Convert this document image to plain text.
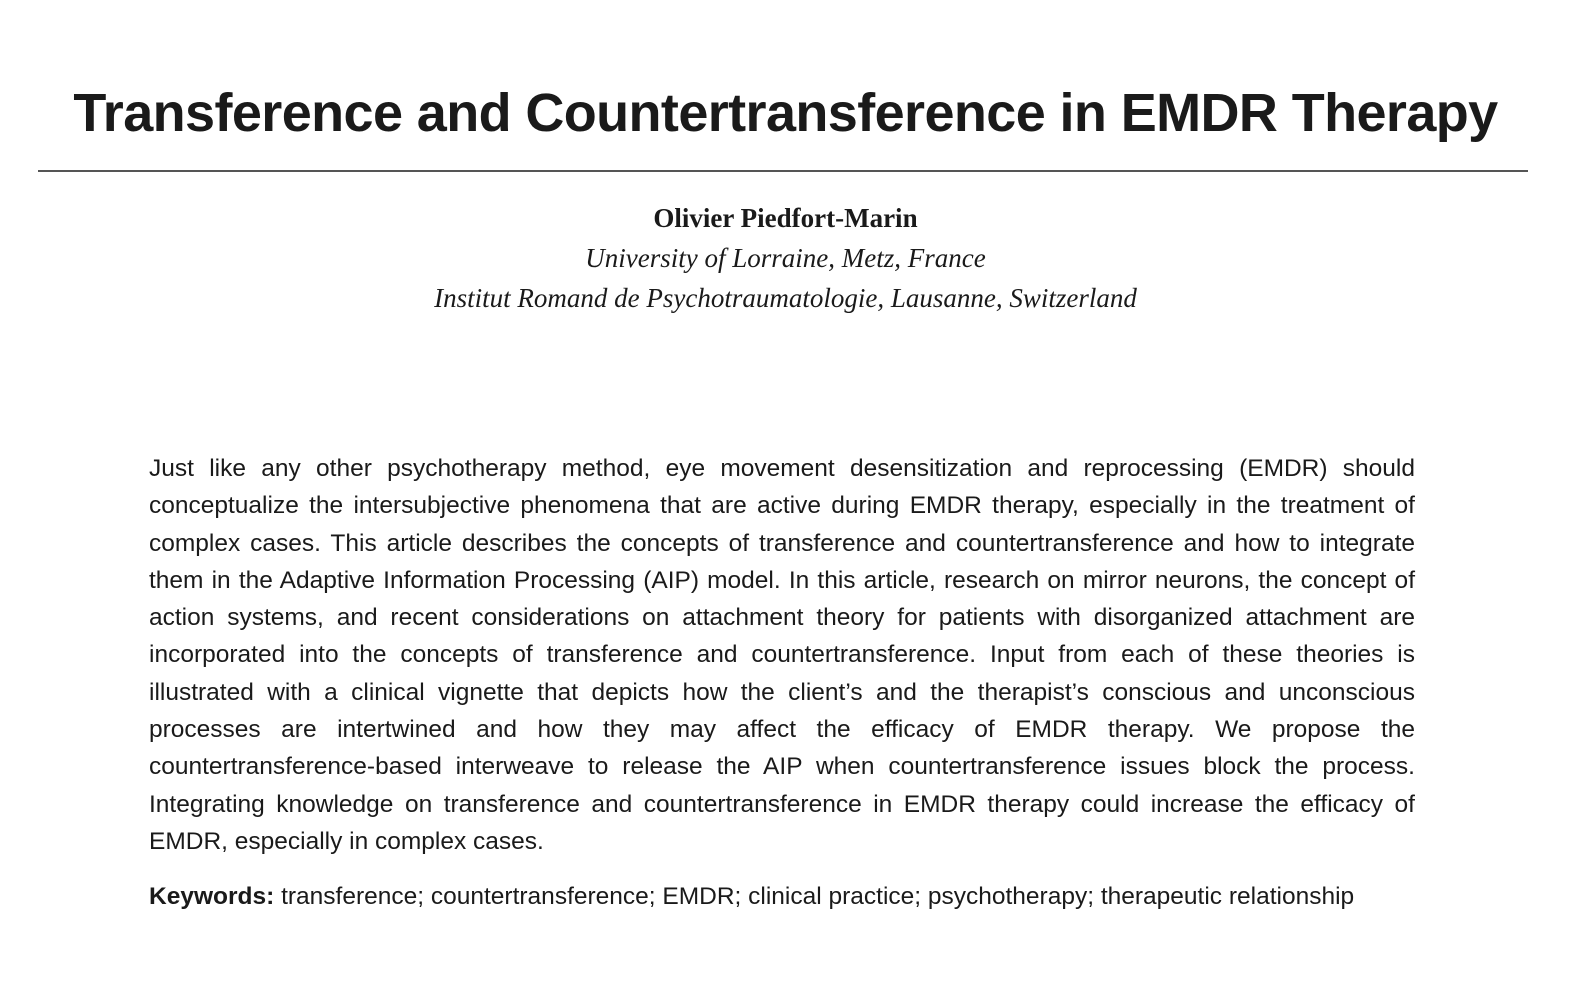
Transference and Countertransference in EMDR Therapy
Olivier Piedfort-Marin
University of Lorraine, Metz, France
Institut Romand de Psychotraumatologie, Lausanne, Switzerland

Just like any other psychotherapy method, eye movement desensitization and reprocessing (EMDR) should conceptualize the intersubjective phenomena that are active during EMDR therapy, especially in the treatment of complex cases. This article describes the concepts of transference and countertransference and how to integrate them in the Adaptive Information Processing (AIP) model. In this article, research on mirror neurons, the concept of action systems, and recent considerations on attachment theory for patients with disorganized attachment are incorporated into the concepts of transference and countertransference. Input from each of these theories is illustrated with a clinical vignette that depicts how the client’s and the therapist’s conscious and unconscious processes are intertwined and how they may affect the efficacy of EMDR therapy. We propose the countertransference-based interweave to release the AIP when countertransference issues block the process. Integrating knowledge on transference and countertransference in EMDR therapy could increase the efficacy of EMDR, especially in complex cases.

Keywords: transference; countertransference; EMDR; clinical practice; psychotherapy; therapeutic relationship
